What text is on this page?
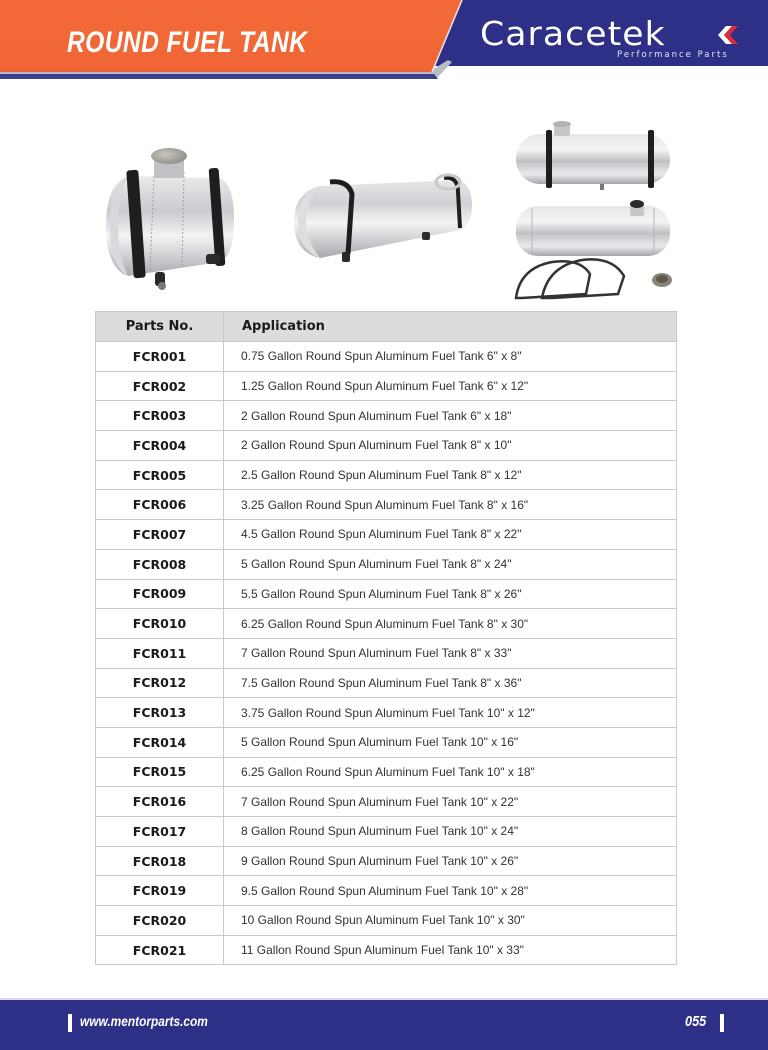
ROUND FUEL TANK	Caracetek
Performance Parts
Parts No.	Application
FCR001	0.75 Gallon Round Spun Aluminum Fuel Tank 6" x 8"
FCR002	1.25 Gallon Round Spun Aluminum Fuel Tank 6" x 12"
FCR003	2 Gallon Round Spun Aluminum Fuel Tank 6" x 18"
FCR004	2 Gallon Round Spun Aluminum Fuel Tank 8" x 10"
FCR005	2.5 Gallon Round Spun Aluminum Fuel Tank 8" x 12"
FCR006	3.25 Gallon Round Spun Aluminum Fuel Tank 8" x 16"
FCR007	4.5 Gallon Round Spun Aluminum Fuel Tank 8" x 22"
FCR008	5 Gallon Round Spun Aluminum Fuel Tank 8" x 24"
FCR009	5.5 Gallon Round Spun Aluminum Fuel Tank 8" x 26"
FCR010	6.25 Gallon Round Spun Aluminum Fuel Tank 8" x 30"
FCR011	7 Gallon Round Spun Aluminum Fuel Tank 8" x 33"
FCR012	7.5 Gallon Round Spun Aluminum Fuel Tank 8" x 36"
FCR013	3.75 Gallon Round Spun Aluminum Fuel Tank 10" x 12"
FCR014	5 Gallon Round Spun Aluminum Fuel Tank 10" x 16"
FCR015	6.25 Gallon Round Spun Aluminum Fuel Tank 10" x 18"
FCR016	7 Gallon Round Spun Aluminum Fuel Tank 10" x 22"
FCR017	8 Gallon Round Spun Aluminum Fuel Tank 10" x 24"
FCR018	9 Gallon Round Spun Aluminum Fuel Tank 10" x 26"
FCR019	9.5 Gallon Round Spun Aluminum Fuel Tank 10" x 28"
FCR020	10 Gallon Round Spun Aluminum Fuel Tank 10" x 30"
FCR021	11 Gallon Round Spun Aluminum Fuel Tank 10" x 33"
www.mentorparts.com	055
